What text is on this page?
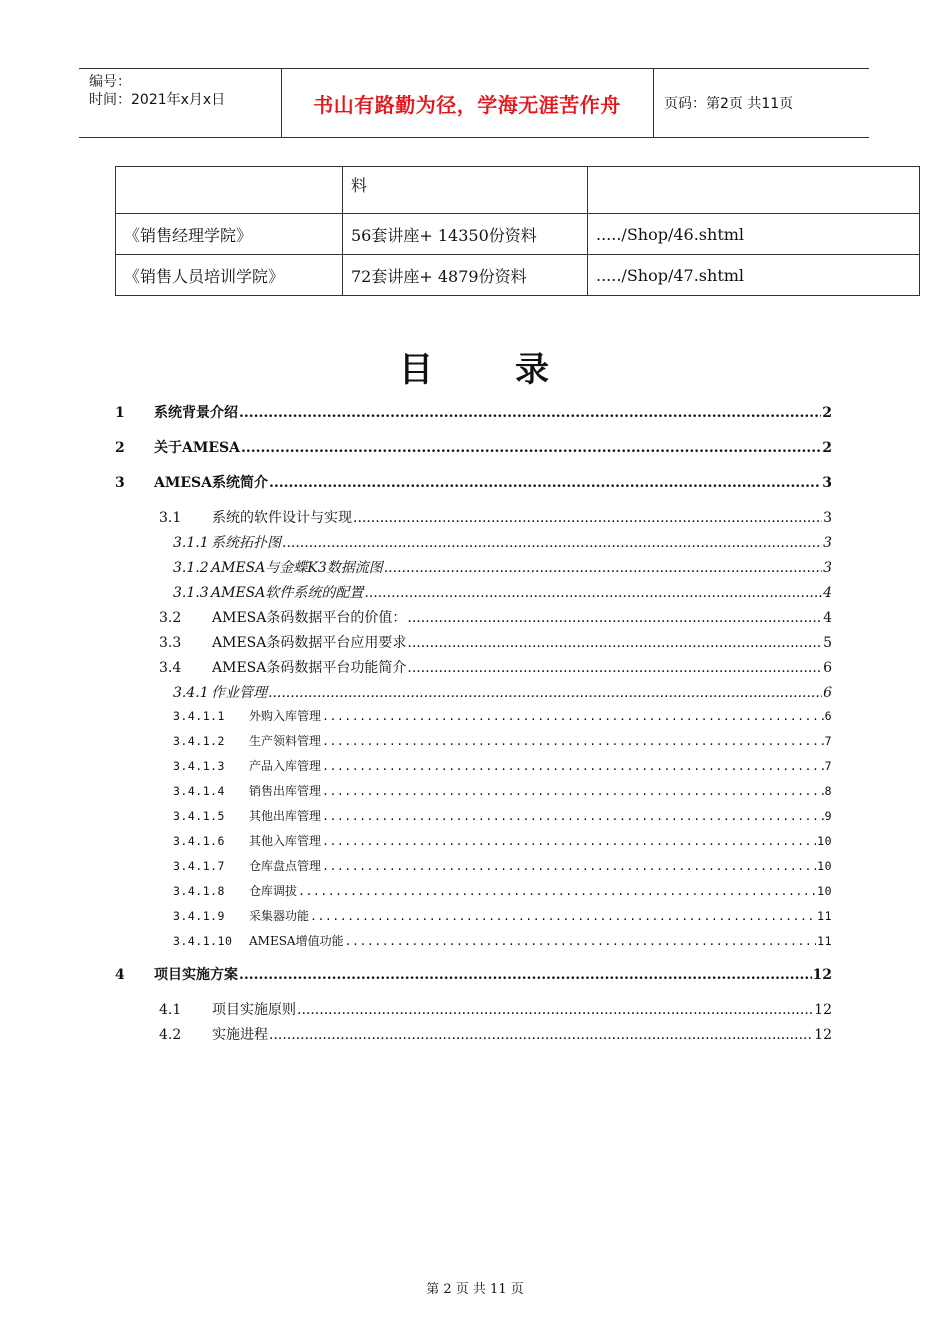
编号：
时间：2021年x月x日	书山有路勤为径，学海无涯苦作舟	页码：第2页 共11页
	料	
《销售经理学院》	56套讲座+ 14350份资料	...../Shop/46.shtml
《销售人员培训学院》	72套讲座+ 4879份资料	...../Shop/47.shtml
目 录
1	系统背景介绍 .....	2
2	关于AMESA .....	2
3	AMESA系统简介 .....	3
3.1	系统的软件设计与实现 .....	3
3.1.1 系统拓扑图 .....	3
3.1.2 AMESA与金蝶K3数据流图 .....	3
3.1.3 AMESA软件系统的配置 .....	4
3.2	AMESA条码数据平台的价值： .....	4
3.3	AMESA条码数据平台应用要求 .....	5
3.4	AMESA条码数据平台功能简介 .....	6
3.4.1 作业管理 .....	6
3.4.1.1	外购入库管理 .....	6
3.4.1.2	生产领料管理 .....	7
3.4.1.3	产品入库管理 .....	7
3.4.1.4	销售出库管理 .....	8
3.4.1.5	其他出库管理 .....	9
3.4.1.6	其他入库管理 .....	10
3.4.1.7	仓库盘点管理 .....	10
3.4.1.8	仓库调拔 .....	10
3.4.1.9	采集器功能 .....	11
3.4.1.10	AMESA增值功能 .....	11
4	项目实施方案 .....	12
4.1	项目实施原则 .....	12
4.2	实施进程 .....	12
第 2 页 共 11 页
